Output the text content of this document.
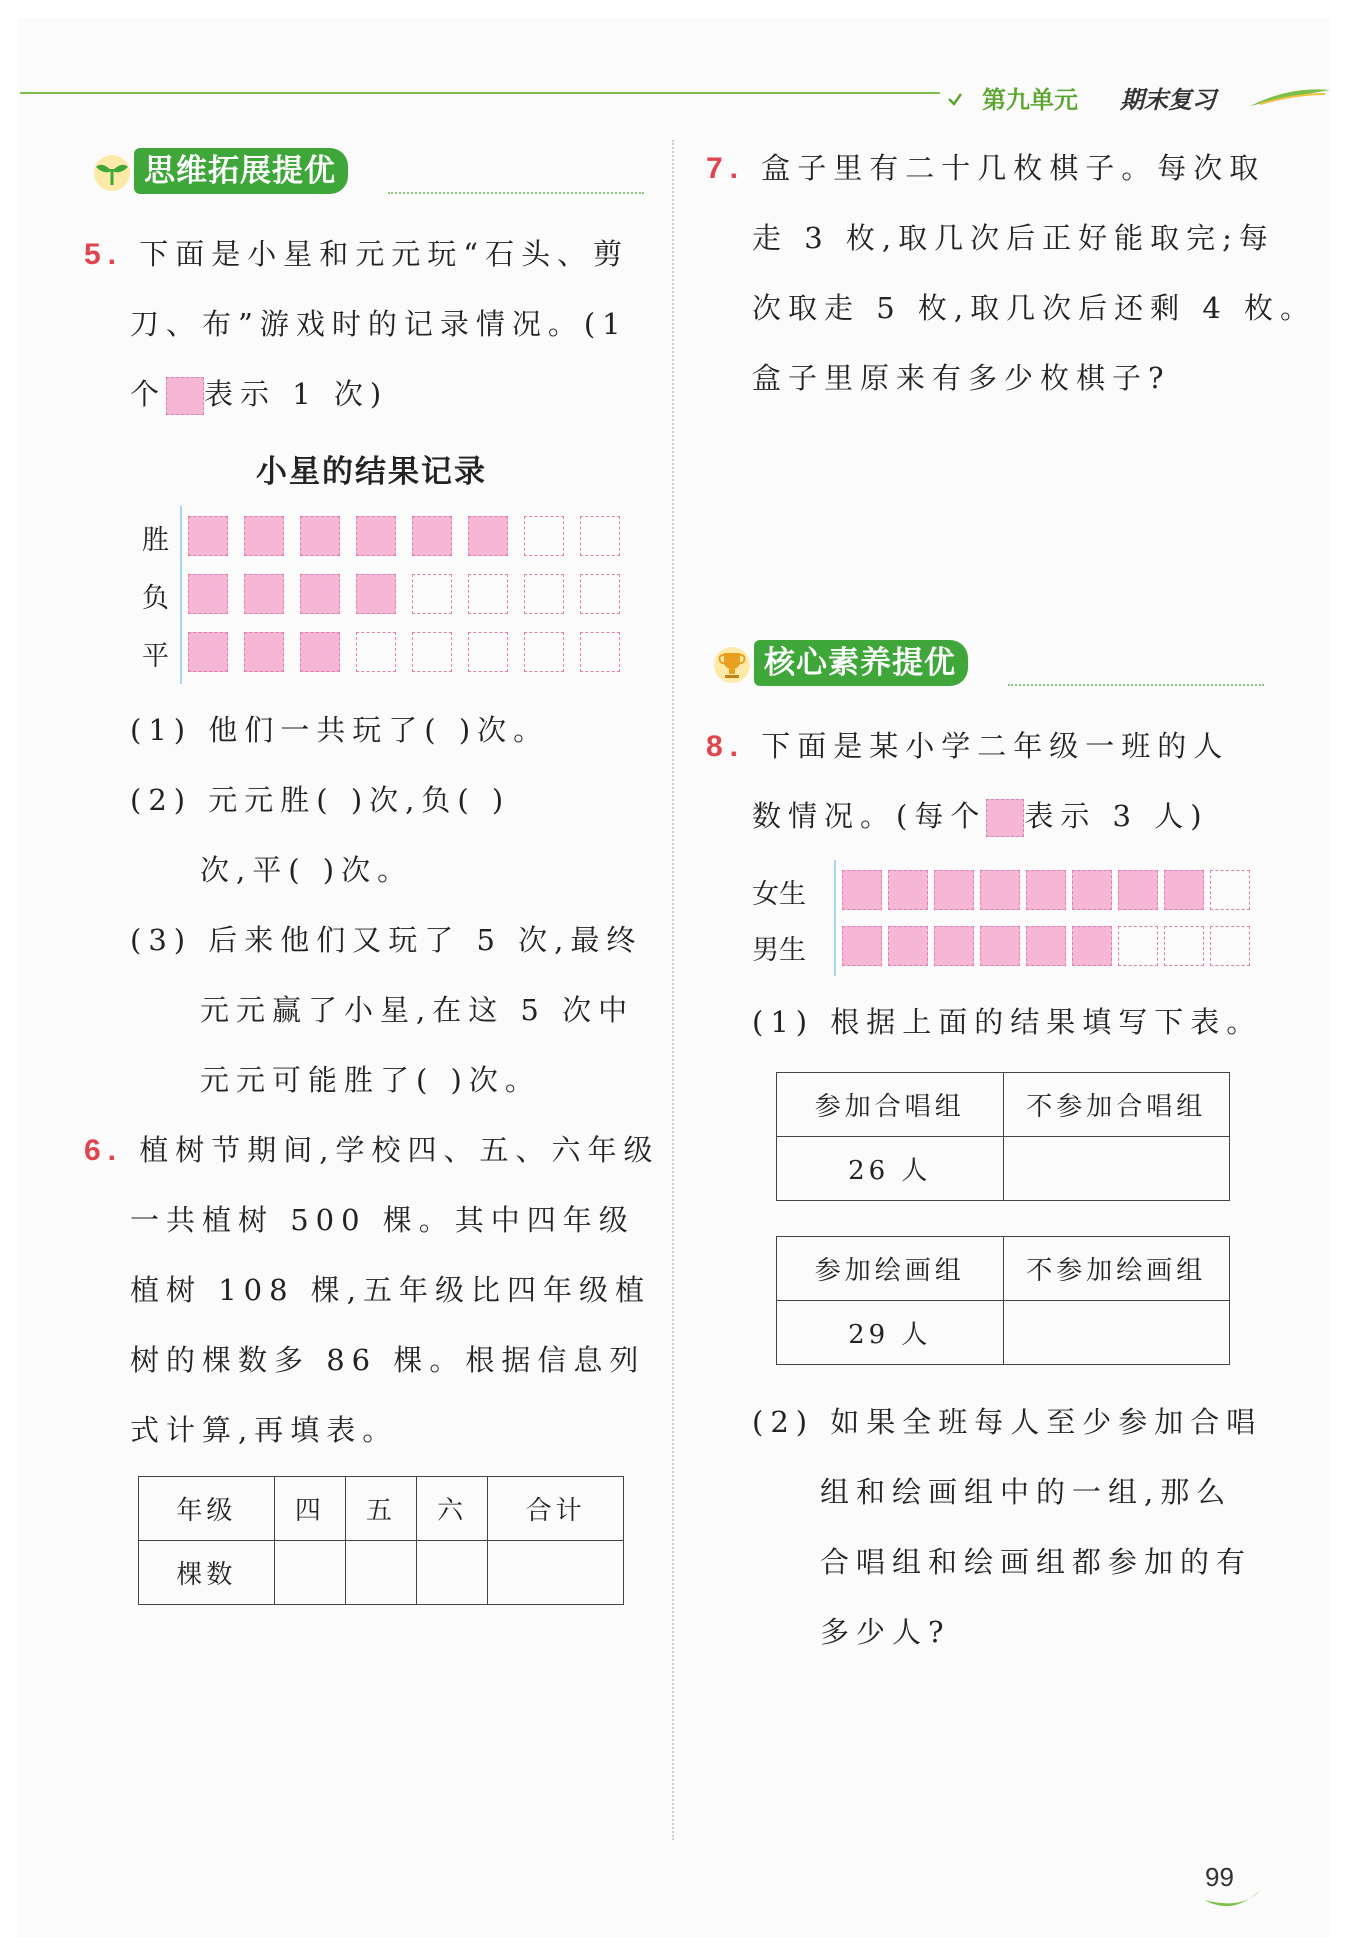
第九单元 期末复习
思维拓展提优
5. 下面是小星和元元玩“石头、剪
刀、布”游戏时的记录情况。(1
个 表示 1 次)
小星的结果记录
胜
负
平
(1) 他们一共玩了( )次。
(2) 元元胜( )次,负( )
次,平( )次。
(3) 后来他们又玩了 5 次,最终
元元赢了小星,在这 5 次中
元元可能胜了( )次。
6. 植树节期间,学校四、五、六年级
一共植树 500 棵。其中四年级
植树 108 棵,五年级比四年级植
树的棵数多 86 棵。根据信息列
式计算,再填表。
年级	四	五	六	合计
棵数				
7. 盒子里有二十几枚棋子。每次取
走 3 枚,取几次后正好能取完;每
次取走 5 枚,取几次后还剩 4 枚。
盒子里原来有多少枚棋子?
核心素养提优
8. 下面是某小学二年级一班的人
数情况。(每个 表示 3 人)
女生
男生
(1) 根据上面的结果填写下表。
参加合唱组	不参加合唱组
26 人	
参加绘画组	不参加绘画组
29 人	
(2) 如果全班每人至少参加合唱
组和绘画组中的一组,那么
合唱组和绘画组都参加的有
多少人?
99
